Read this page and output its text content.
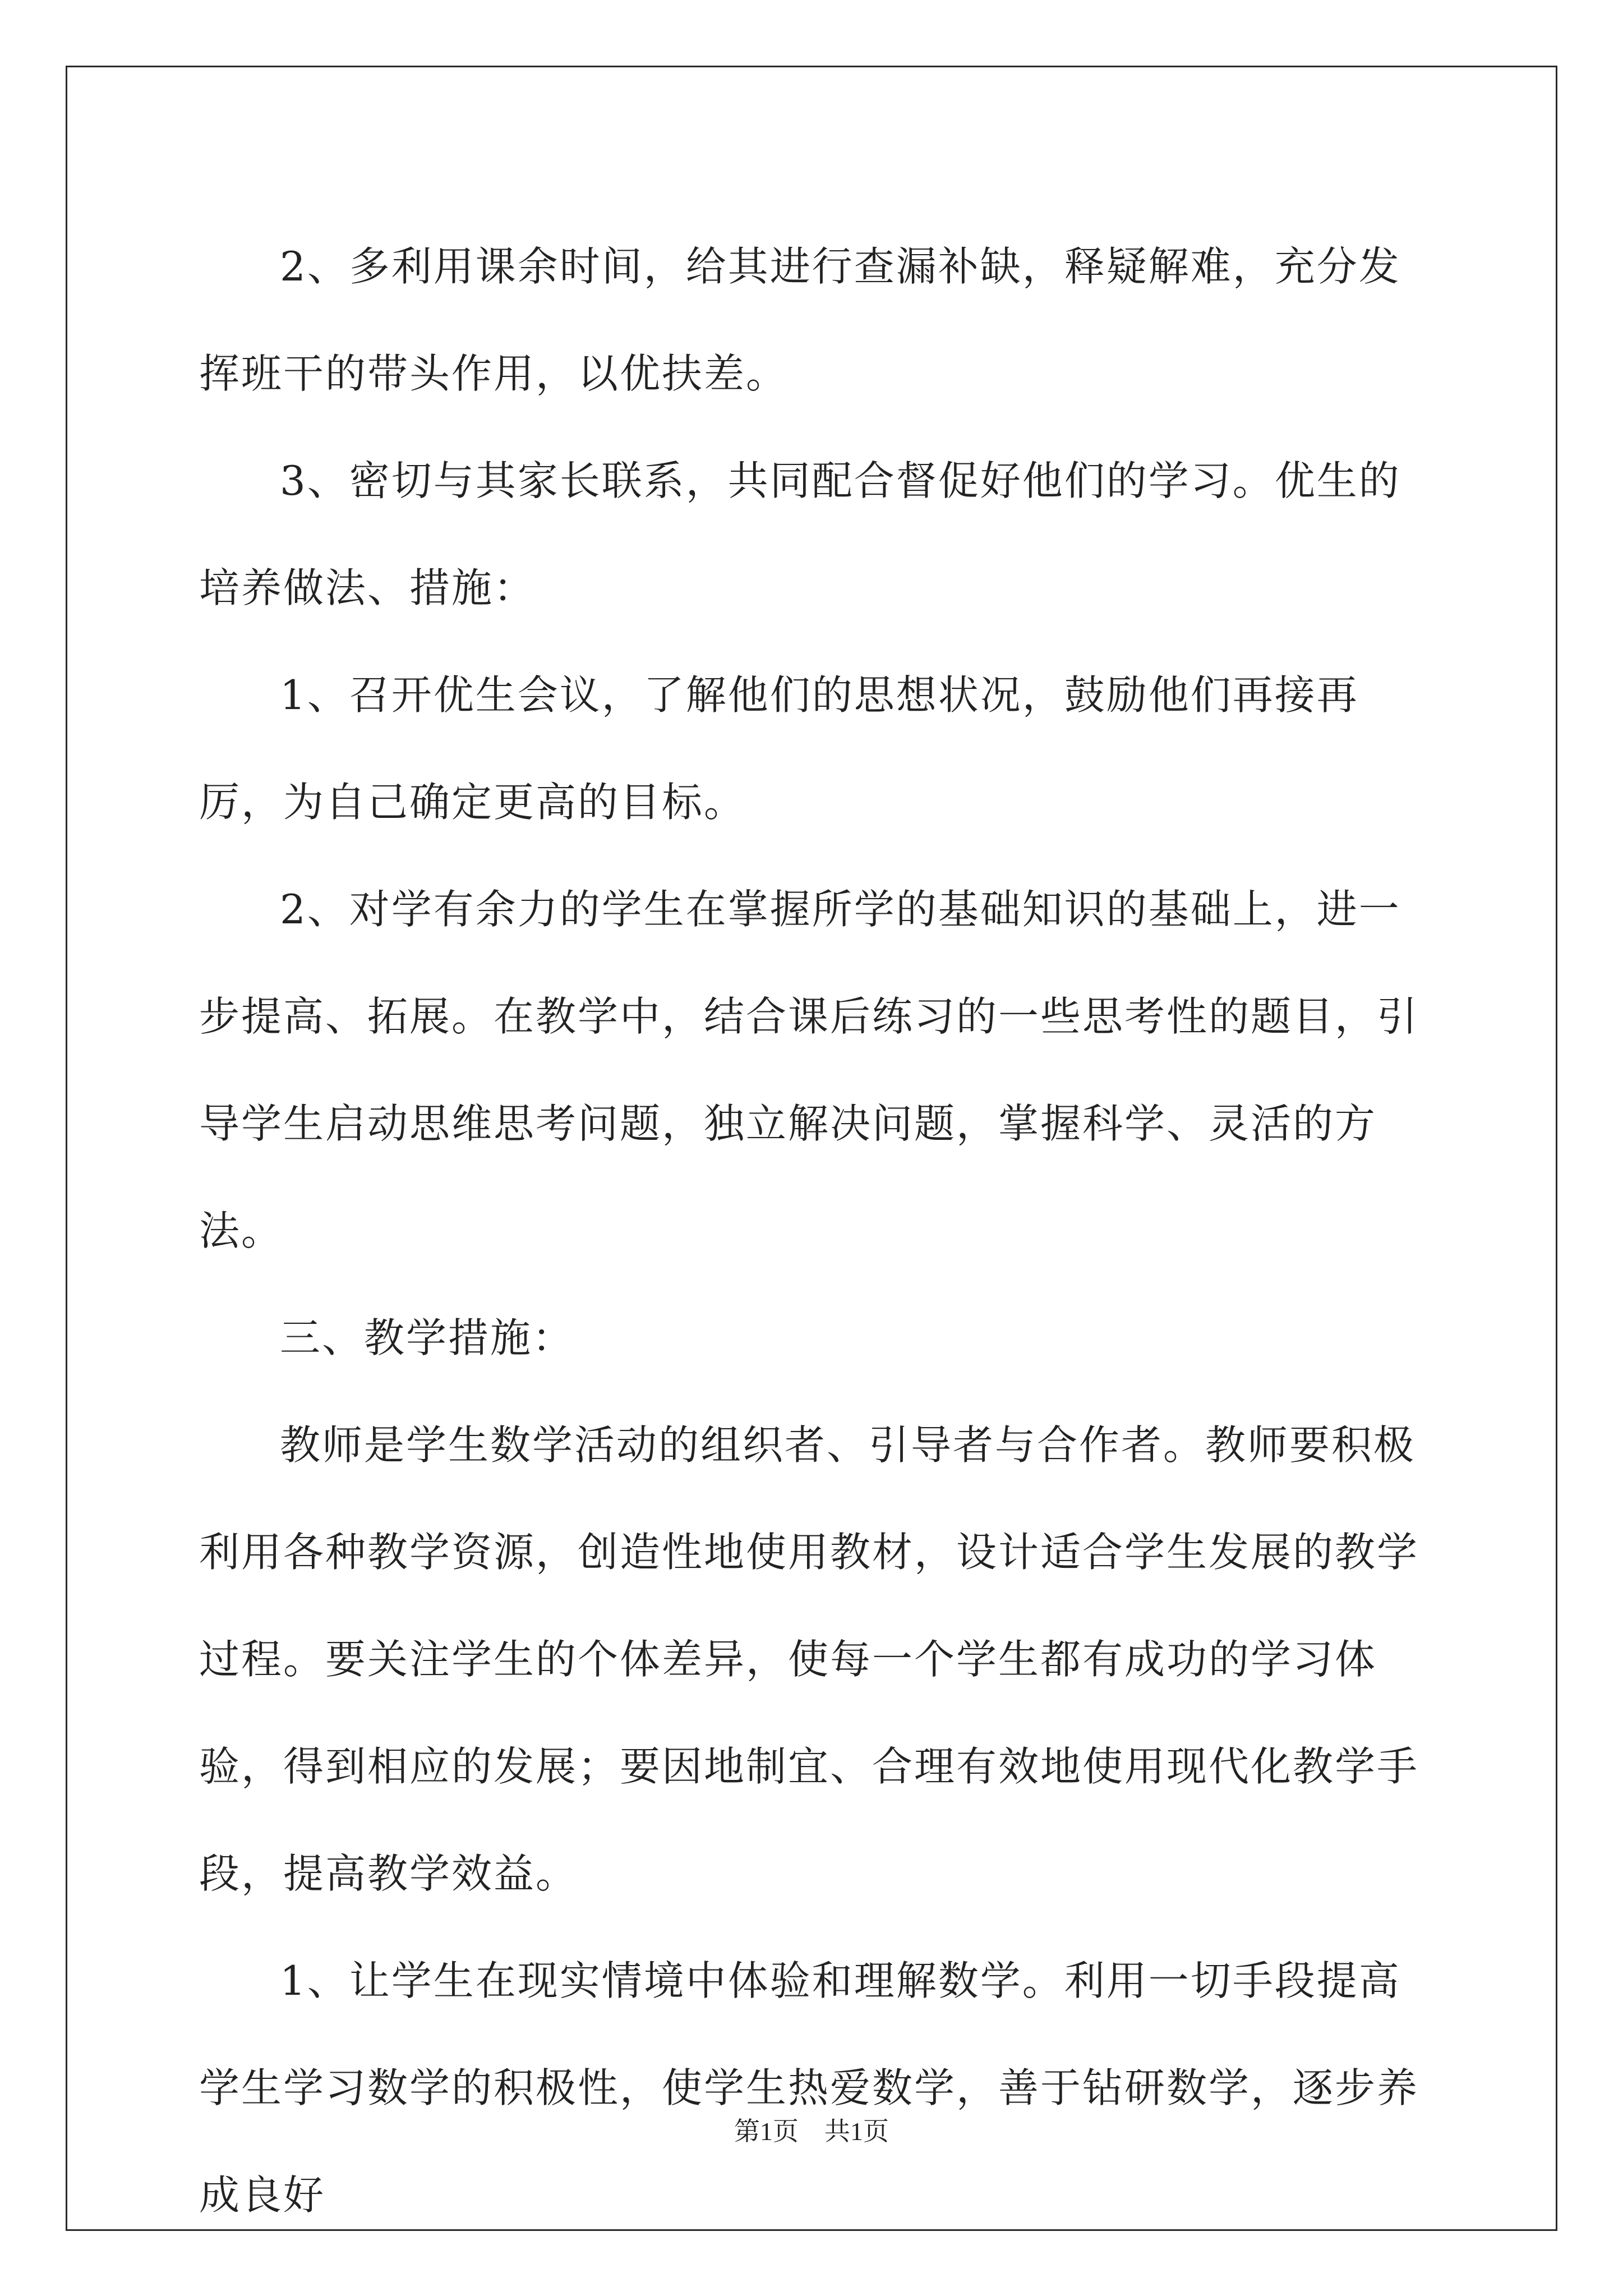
2、多利用课余时间，给其进行查漏补缺，释疑解难，充分发挥班干的带头作用，以优扶差。

3、密切与其家长联系，共同配合督促好他们的学习。优生的培养做法、措施：

1、召开优生会议，了解他们的思想状况，鼓励他们再接再厉，为自己确定更高的目标。

2、对学有余力的学生在掌握所学的基础知识的基础上，进一步提高、拓展。在教学中，结合课后练习的一些思考性的题目，引导学生启动思维思考问题，独立解决问题，掌握科学、灵活的方法。

三、教学措施：

教师是学生数学活动的组织者、引导者与合作者。教师要积极利用各种教学资源，创造性地使用教材，设计适合学生发展的教学过程。要关注学生的个体差异，使每一个学生都有成功的学习体验，得到相应的发展；要因地制宜、合理有效地使用现代化教学手段，提高教学效益。

1、让学生在现实情境中体验和理解数学。利用一切手段提高学生学习数学的积极性，使学生热爱数学，善于钻研数学，逐步养成良好

第1页　共1页
